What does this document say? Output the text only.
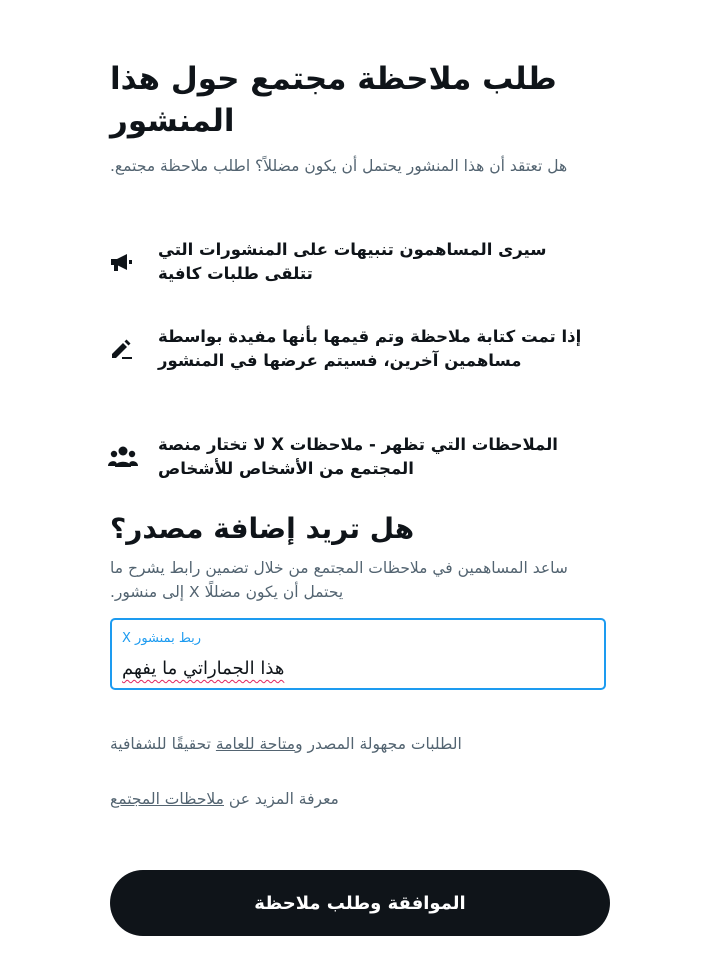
طلب ملاحظة مجتمع حول هذا المنشور
هل تعتقد أن هذا المنشور يحتمل أن يكون مضللاً؟ اطلب ملاحظة مجتمع.
سيرى المساهمون تنبيهات على المنشورات التي تتلقى طلبات كافية
إذا تمت كتابة ملاحظة وتم قيمها بأنها مفيدة بواسطة مساهمين آخرين، فسيتم عرضها في المنشور
الملاحظات التي تظهر - ملاحظات X لا تختار منصة المجتمع من الأشخاص للأشخاص
هل تريد إضافة مصدر؟
ساعد المساهمين في ملاحظات المجتمع من خلال تضمين رابط يشرح ما يحتمل أن يكون مضللًا X إلى منشور.
ربط بمنشور X
هذا الجماراتي ما يفهم
الطلبات مجهولة المصدر ومتاحة للعامة تحقيقًا للشفافية
معرفة المزيد عن ملاحظات المجتمع
الموافقة وطلب ملاحظة
